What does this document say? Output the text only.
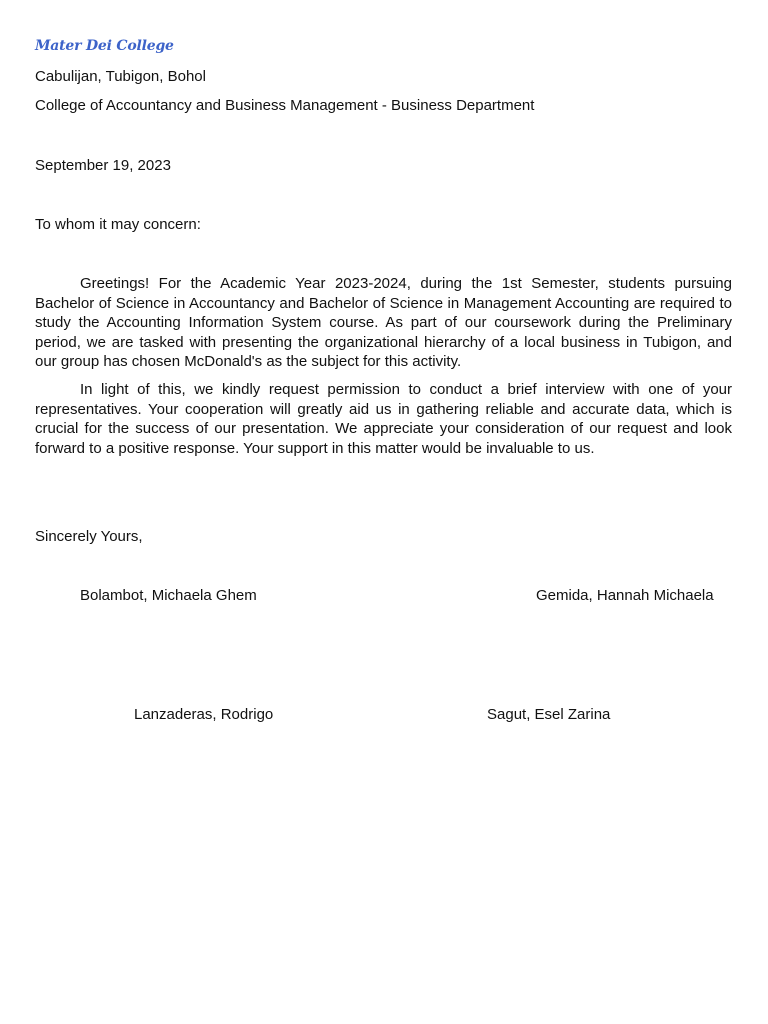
Mater Dei College
Cabulijan, Tubigon, Bohol
College of Accountancy and Business Management - Business Department
September 19, 2023
To whom it may concern:

Greetings! For the Academic Year 2023-2024, during the 1st Semester, students pursuing Bachelor of Science in Accountancy and Bachelor of Science in Management Accounting are required to study the Accounting Information System course. As part of our coursework during the Preliminary period, we are tasked with presenting the organizational hierarchy of a local business in Tubigon, and our group has chosen McDonald's as the subject for this activity.

In light of this, we kindly request permission to conduct a brief interview with one of your representatives. Your cooperation will greatly aid us in gathering reliable and accurate data, which is crucial for the success of our presentation. We appreciate your consideration of our request and look forward to a positive response. Your support in this matter would be invaluable to us.

Sincerely Yours,
Bolambot, Michaela Ghem	Gemida, Hannah Michaela
Lanzaderas, Rodrigo	Sagut, Esel Zarina
